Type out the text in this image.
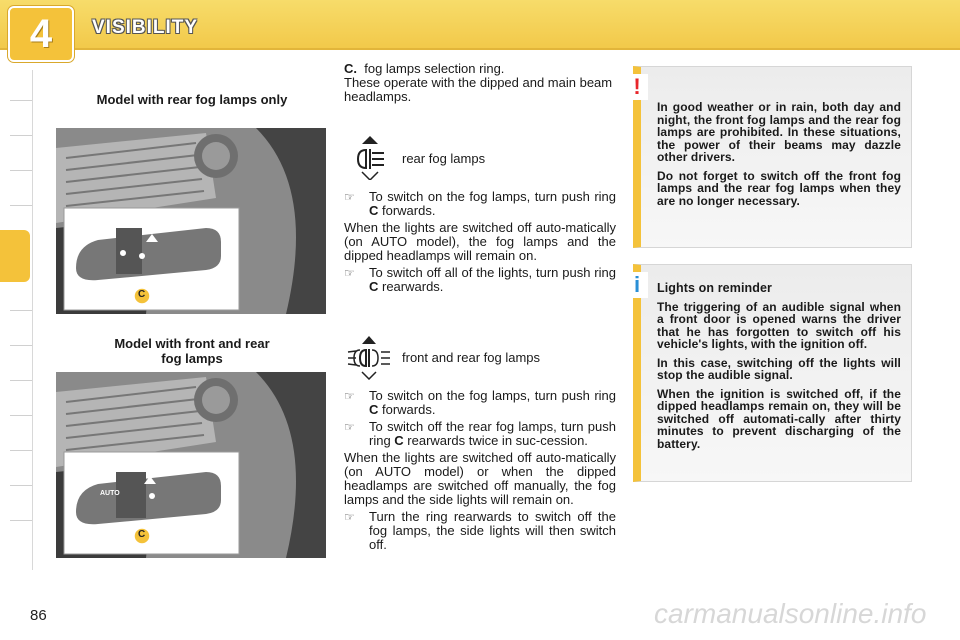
4	VISIBILITY
Model with rear fog lamps only
C
Model with front and rear
fog lamps
AUTO
C

C. fog lamps selection ring.

These operate with the dipped and main beam headlamps.

rear fog lamps
☞ To switch on the fog lamps, turn push ring C forwards.

When the lights are switched off auto-matically (on AUTO model), the fog lamps and the dipped headlamps will remain on.

☞ To switch off all of the lights, turn push ring C rearwards.
front and rear fog lamps
☞ To switch on the fog lamps, turn push ring C forwards.
☞ To switch off the rear fog lamps, turn push ring C rearwards twice in suc-cession.

When the lights are switched off auto-matically (on AUTO model) or when the dipped headlamps are switched off manually, the fog lamps and the side lights will remain on.

☞ Turn the ring rearwards to switch off the fog lamps, the side lights will then switch off.

In good weather or in rain, both day and night, the front fog lamps and the rear fog lamps are prohibited. In these situations, the power of their beams may dazzle other drivers.

Do not forget to switch off the front fog lamps and the rear fog lamps when they are no longer necessary.

!

Lights on reminder

The triggering of an audible signal when a front door is opened warns the driver that he has forgotten to switch off his vehicle's lights, with the ignition off.

In this case, switching off the lights will stop the audible signal.

When the ignition is switched off, if the dipped headlamps remain on, they will be switched off automati-cally after thirty minutes to prevent discharging of the battery.

i
86	carmanualsonline.info
